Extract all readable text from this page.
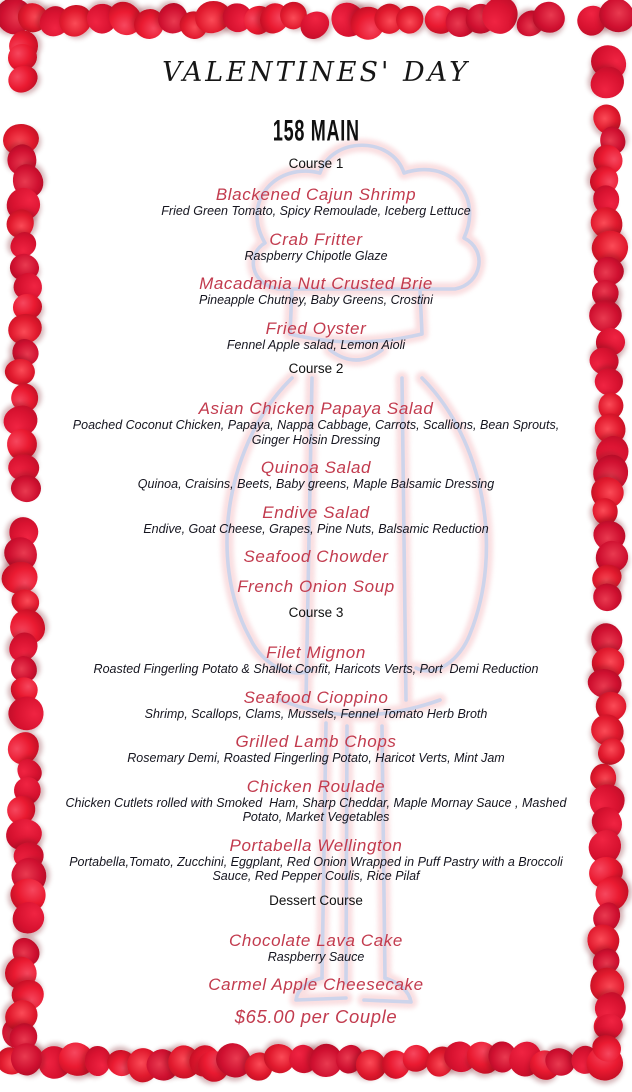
VALENTINES' DAY
158 MAIN
Course 1
Blackened Cajun Shrimp
Fried Green Tomato, Spicy Remoulade, Iceberg Lettuce
Crab Fritter
Raspberry Chipotle Glaze
Macadamia Nut Crusted Brie
Pineapple Chutney, Baby Greens, Crostini
Fried Oyster
Fennel Apple salad, Lemon Aioli
Course 2
Asian Chicken Papaya Salad
Poached Coconut Chicken, Papaya, Nappa Cabbage, Carrots, Scallions, Bean Sprouts, Ginger Hoisin Dressing
Quinoa Salad
Quinoa, Craisins, Beets, Baby greens, Maple Balsamic Dressing
Endive Salad
Endive, Goat Cheese, Grapes, Pine Nuts, Balsamic Reduction
Seafood Chowder
French Onion Soup
Course 3
Filet Mignon
Roasted Fingerling Potato & Shallot Confit, Haricots Verts, Port  Demi Reduction
Seafood Cioppino
Shrimp, Scallops, Clams, Mussels, Fennel Tomato Herb Broth
Grilled Lamb Chops
Rosemary Demi, Roasted Fingerling Potato, Haricot Verts, Mint Jam
Chicken Roulade
Chicken Cutlets rolled with Smoked  Ham, Sharp Cheddar, Maple Mornay Sauce , Mashed Potato, Market Vegetables
Portabella Wellington
Portabella,Tomato, Zucchini, Eggplant, Red Onion Wrapped in Puff Pastry with a Broccoli Sauce, Red Pepper Coulis, Rice Pilaf
Dessert Course
Chocolate Lava Cake
Raspberry Sauce
Carmel Apple Cheesecake
$65.00 per Couple
